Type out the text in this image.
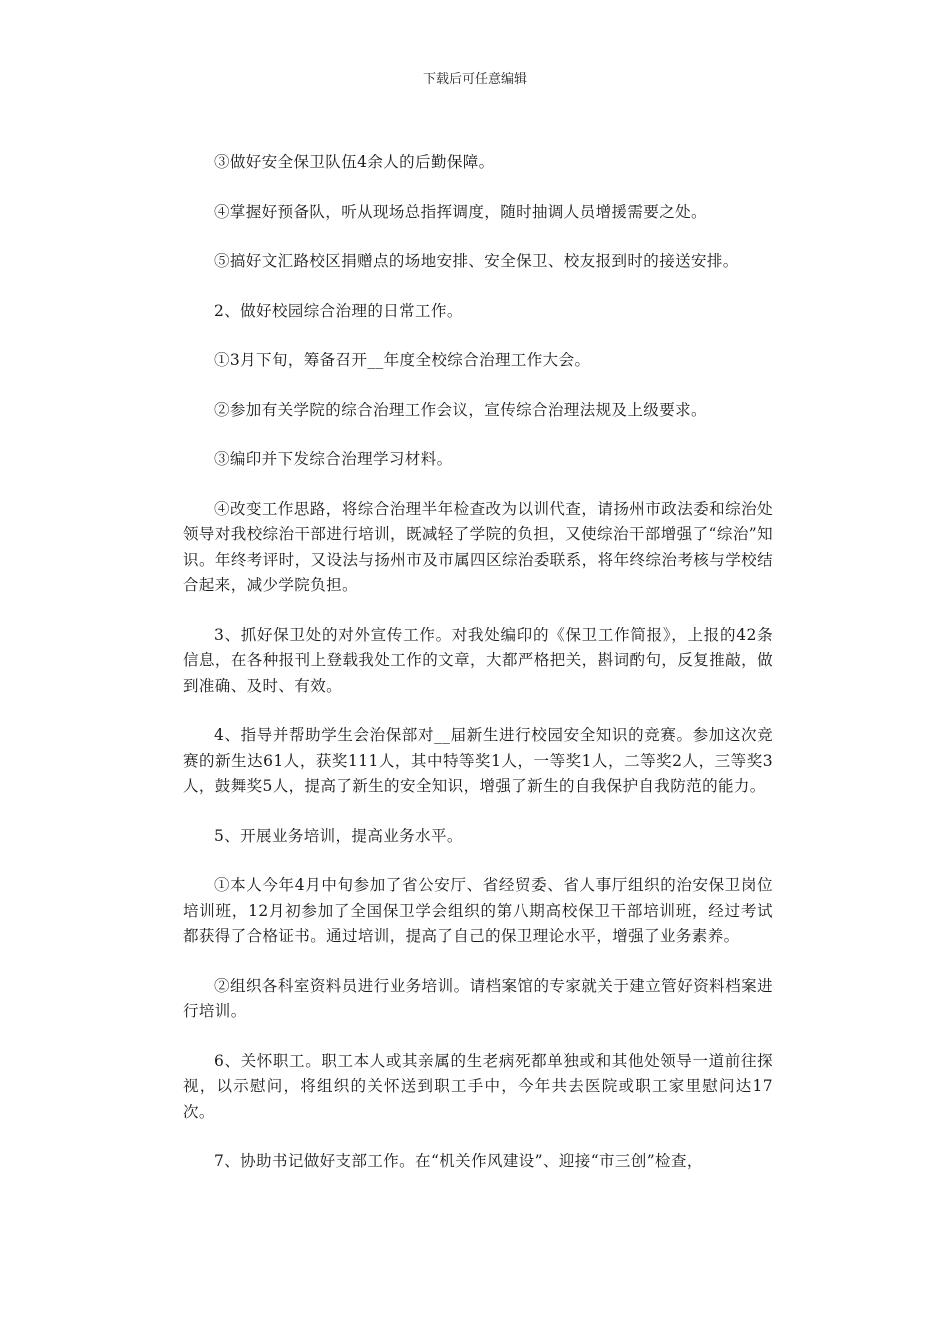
下载后可任意编辑

③做好安全保卫队伍4余人的后勤保障。

④掌握好预备队，听从现场总指挥调度，随时抽调人员增援需要之处。

⑤搞好文汇路校区捐赠点的场地安排、安全保卫、校友报到时的接送安排。

2、做好校园综合治理的日常工作。

①3月下旬，筹备召开__年度全校综合治理工作大会。

②参加有关学院的综合治理工作会议，宣传综合治理法规及上级要求。

③编印并下发综合治理学习材料。

④改变工作思路，将综合治理半年检查改为以训代查，请扬州市政法委和综治处领导对我校综治干部进行培训，既减轻了学院的负担，又使综治干部增强了“综治”知识。年终考评时，又设法与扬州市及市属四区综治委联系，将年终综治考核与学校结合起来，减少学院负担。

3、抓好保卫处的对外宣传工作。对我处编印的《保卫工作简报》，上报的42条信息，在各种报刊上登载我处工作的文章，大都严格把关，斟词酌句，反复推敲，做到准确、及时、有效。

4、指导并帮助学生会治保部对__届新生进行校园安全知识的竞赛。参加这次竞赛的新生达61人，获奖111人，其中特等奖1人，一等奖1人，二等奖2人，三等奖3人，鼓舞奖5人，提高了新生的安全知识，增强了新生的自我保护自我防范的能力。

5、开展业务培训，提高业务水平。

①本人今年4月中旬参加了省公安厅、省经贸委、省人事厅组织的治安保卫岗位培训班，12月初参加了全国保卫学会组织的第八期高校保卫干部培训班，经过考试都获得了合格证书。通过培训，提高了自己的保卫理论水平，增强了业务素养。

②组织各科室资料员进行业务培训。请档案馆的专家就关于建立管好资料档案进行培训。

6、关怀职工。职工本人或其亲属的生老病死都单独或和其他处领导一道前往探视，以示慰问，将组织的关怀送到职工手中，今年共去医院或职工家里慰问达17次。

7、协助书记做好支部工作。在“机关作风建设”、迎接“市三创”检查，
